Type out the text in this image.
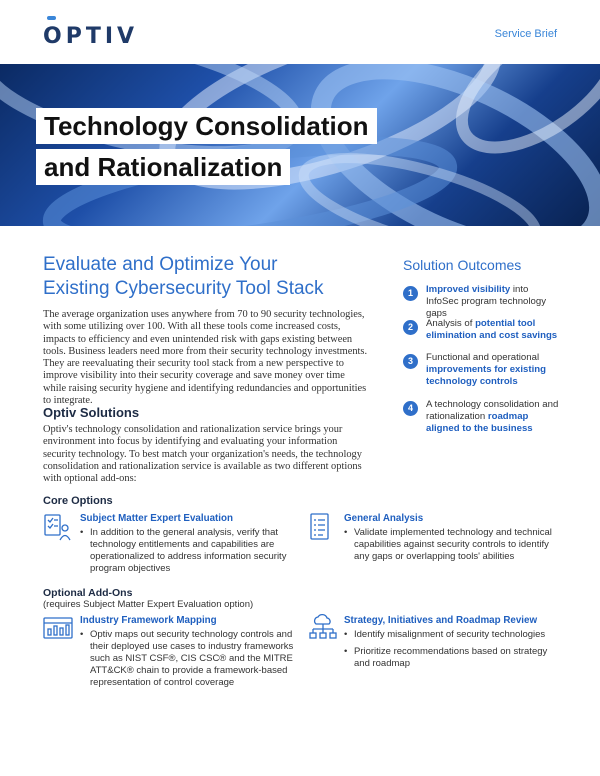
OPTIV	Service Brief
Technology Consolidation
and Rationalization
Evaluate and Optimize Your
Existing Cybersecurity Tool Stack
The average organization uses anywhere from 70 to 90 security technologies, with some utilizing over 100. With all these tools come increased costs, impacts to efficiency and even unintended risk with gaps existing between tools. Business leaders need more from their security technology investments. They are reevaluating their security tool stack from a new perspective to improve visibility into their security coverage and save money over time while raising security hygiene and identifying redundancies and opportunities to integrate.
Optiv Solutions
Optiv's technology consolidation and rationalization service brings your environment into focus by identifying and evaluating your information security technology. To best match your organization's needs, the technology consolidation and rationalization service is available as two different options with optional add-ons:
Solution Outcomes
1	Improved visibility into InfoSec program technology gaps
2	Analysis of potential tool elimination and cost savings
3	Functional and operational improvements for existing technology controls
4	A technology consolidation and rationalization roadmap aligned to the business
Core Options
Subject Matter Expert Evaluation
• In addition to the general analysis, verify that technology entitlements and capabilities are operationalized to address information security program objectives
General Analysis
• Validate implemented technology and technical capabilities against security controls to identify any gaps or overlapping tools' abilities
Optional Add-Ons
(requires Subject Matter Expert Evaluation option)
Industry Framework Mapping
• Optiv maps out security technology controls and their deployed use cases to industry frameworks such as NIST CSF®, CIS CSC® and the MITRE ATT&CK® chain to provide a framework-based representation of control coverage
Strategy, Initiatives and Roadmap Review
• Identify misalignment of security technologies
• Prioritize recommendations based on strategy and roadmap
